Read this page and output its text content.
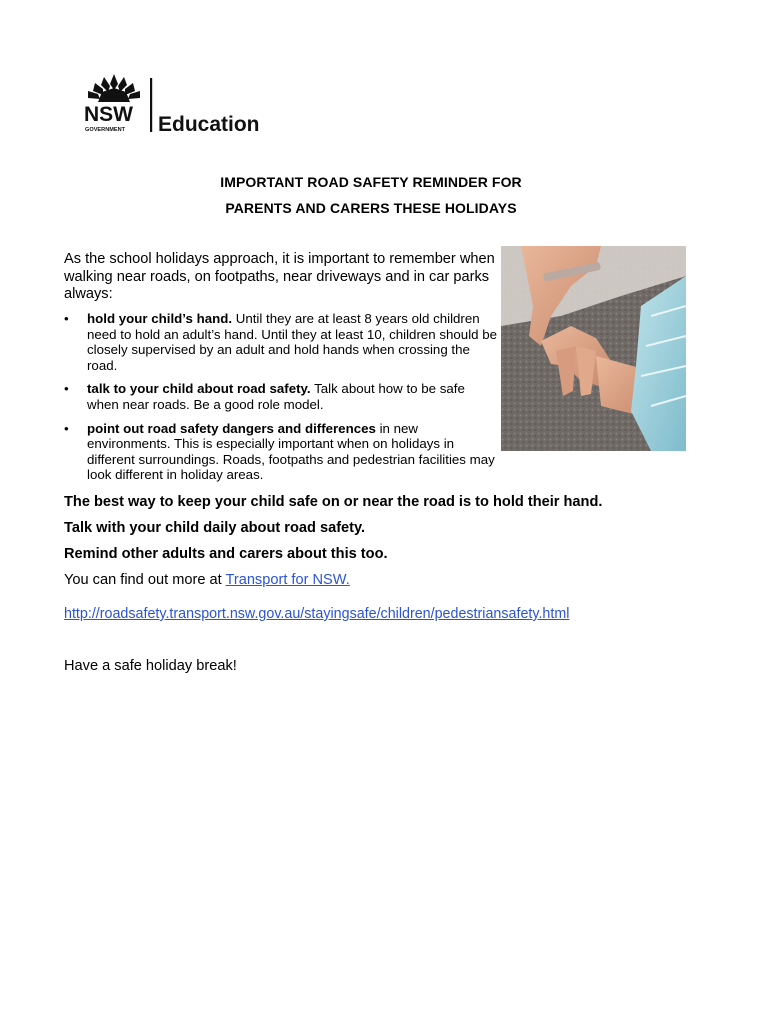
NSW
GOVERNMENT Education
IMPORTANT ROAD SAFETY REMINDER FOR
PARENTS AND CARERS THESE HOLIDAYS
As the school holidays approach, it is important to remember when walking near roads, on footpaths, near driveways and in car parks always:
• hold your child’s hand. Until they are at least 8 years old children need to hold an adult’s hand. Until they at least 10, children should be closely supervised by an adult and hold hands when crossing the road.
• talk to your child about road safety. Talk about how to be safe when near roads. Be a good role model.
• point out road safety dangers and differences in new environments. This is especially important when on holidays in different surroundings. Roads, footpaths and pedestrian facilities may look different in holiday areas.
The best way to keep your child safe on or near the road is to hold their hand.
Talk with your child daily about road safety.
Remind other adults and carers about this too.
You can find out more at Transport for NSW.
http://roadsafety.transport.nsw.gov.au/stayingsafe/children/pedestriansafety.html
Have a safe holiday break!
